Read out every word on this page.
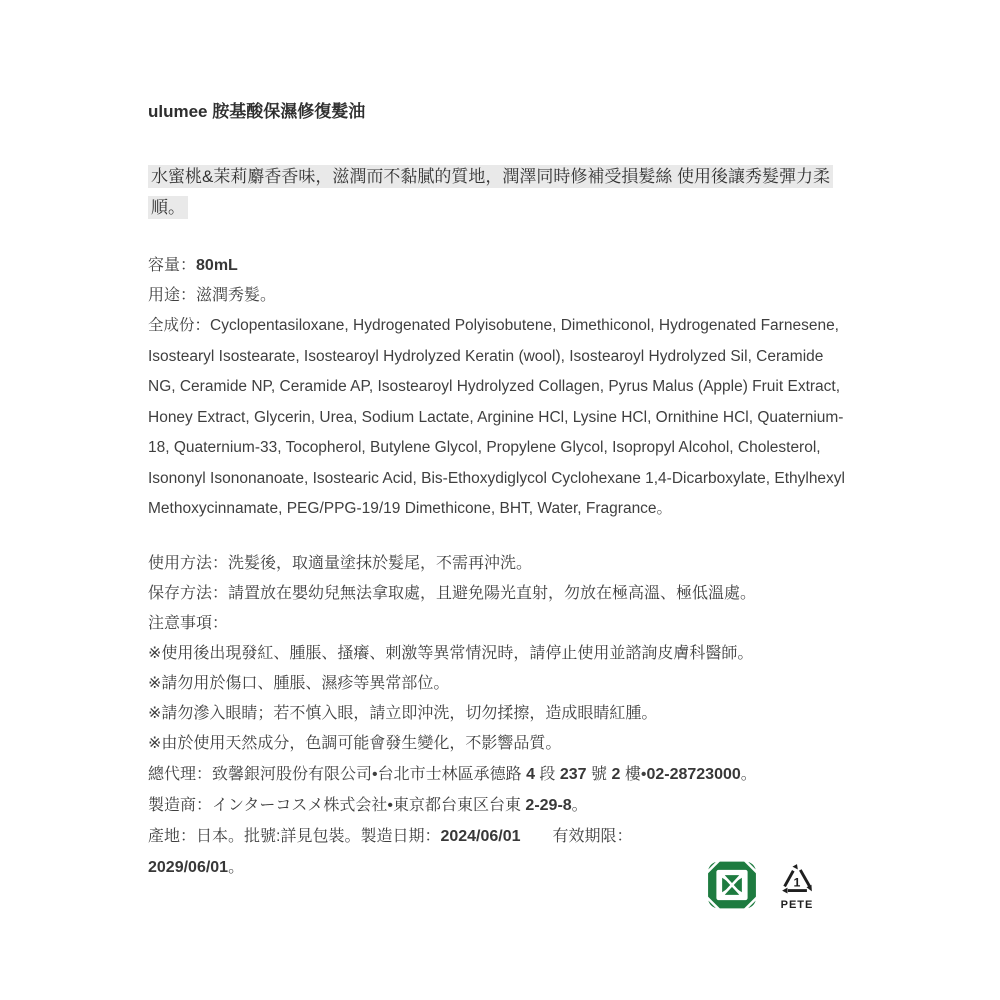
ulumee 胺基酸保濕修復髮油

水蜜桃&茉莉麝香香味，滋潤而不黏膩的質地，潤澤同時修補受損髮絲 使用後讓秀髮彈力柔順。

容量：80mL

用途：滋潤秀髮。

全成份：Cyclopentasiloxane, Hydrogenated Polyisobutene, Dimethiconol, Hydrogenated Farnesene, Isostearyl Isostearate, Isostearoyl Hydrolyzed Keratin (wool), Isostearoyl Hydrolyzed Sil, Ceramide NG, Ceramide NP, Ceramide AP, Isostearoyl Hydrolyzed Collagen, Pyrus Malus (Apple) Fruit Extract, Honey Extract, Glycerin, Urea, Sodium Lactate, Arginine HCl, Lysine HCl, Ornithine HCl, Quaternium-18, Quaternium-33, Tocopherol, Butylene Glycol, Propylene Glycol, Isopropyl Alcohol, Cholesterol, Isononyl Isononanoate, Isostearic Acid, Bis-Ethoxydiglycol Cyclohexane 1,4-Dicarboxylate, Ethylhexyl Methoxycinnamate, PEG/PPG-19/19 Dimethicone, BHT, Water, Fragrance。

使用方法：洗髮後，取適量塗抹於髮尾，不需再沖洗。

保存方法：請置放在嬰幼兒無法拿取處，且避免陽光直射，勿放在極高溫、極低溫處。

注意事項：

※使用後出現發紅、腫脹、搔癢、刺激等異常情況時，請停止使用並諮詢皮膚科醫師。

※請勿用於傷口、腫脹、濕疹等異常部位。

※請勿滲入眼睛；若不慎入眼，請立即沖洗，切勿揉擦，造成眼睛紅腫。

※由於使用天然成分，色調可能會發生變化，不影響品質。

總代理：致馨銀河股份有限公司•台北市士林區承德路 4 段 237 號 2 樓•02-28723000。

製造商：インターコスメ株式会社•東京都台東区台東 2-29-8。

產地：日本。批號:詳見包裝。製造日期：2024/06/01　　有效期限：

2029/06/01。

1
PETE
